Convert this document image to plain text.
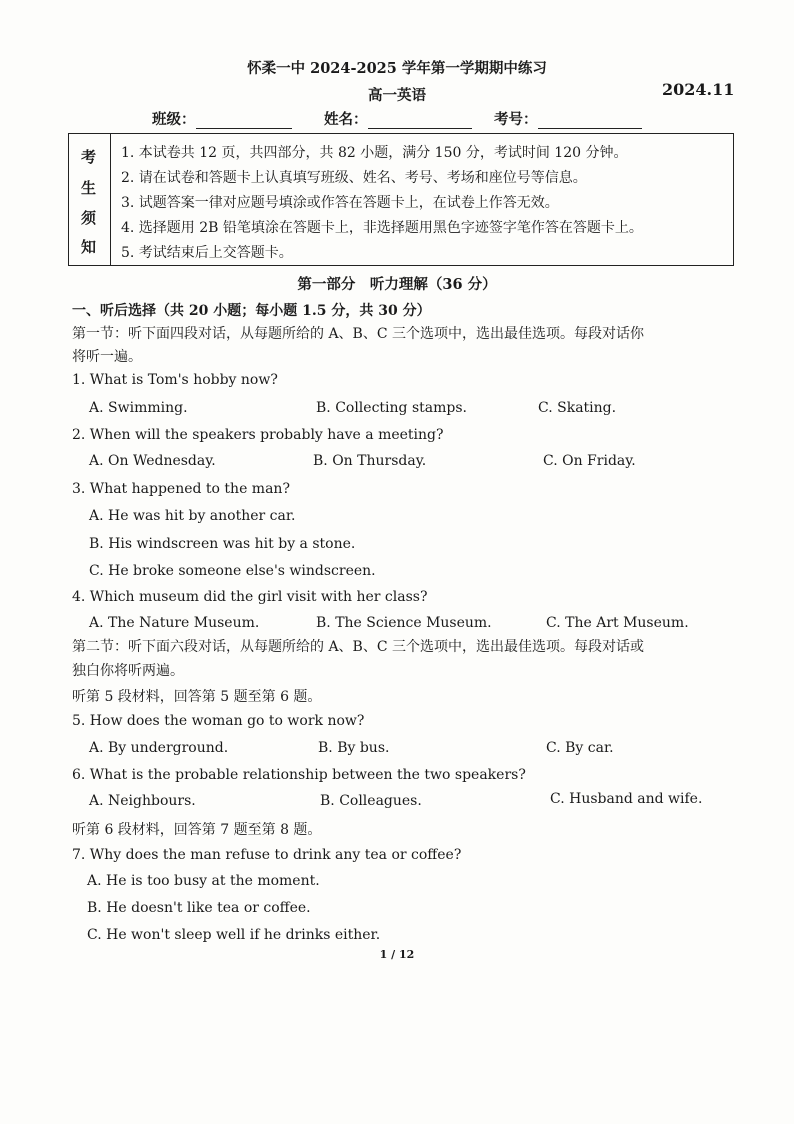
怀柔一中 2024-2025 学年第一学期期中练习
高一英语	2024.11
班级：	姓名：	考号：
考
生
须
知
1. 本试卷共 12 页，共四部分，共 82 小题，满分 150 分，考试时间 120 分钟。
2. 请在试卷和答题卡上认真填写班级、姓名、考号、考场和座位号等信息。
3. 试题答案一律对应题号填涂或作答在答题卡上，在试卷上作答无效。
4. 选择题用 2B 铅笔填涂在答题卡上，非选择题用黑色字迹签字笔作答在答题卡上。
5. 考试结束后上交答题卡。
第一部分　听力理解（36 分）
一、听后选择（共 20 小题；每小题 1.5 分，共 30 分）
第一节：听下面四段对话，从每题所给的 A、B、C 三个选项中，选出最佳选项。每段对话你
将听一遍。
1. What is Tom's hobby now?
A. Swimming.	B. Collecting stamps.	C. Skating.
2. When will the speakers probably have a meeting?
A. On Wednesday.	B. On Thursday.	C. On Friday.
3. What happened to the man?
A. He was hit by another car.
B. His windscreen was hit by a stone.
C. He broke someone else's windscreen.
4. Which museum did the girl visit with her class?
A. The Nature Museum.	B. The Science Museum.	C. The Art Museum.
第二节：听下面六段对话，从每题所给的 A、B、C 三个选项中，选出最佳选项。每段对话或
独白你将听两遍。
听第 5 段材料，回答第 5 题至第 6 题。
5. How does the woman go to work now?
A. By underground.	B. By bus.	C. By car.
6. What is the probable relationship between the two speakers?
A. Neighbours.	B. Colleagues.	C. Husband and wife.
听第 6 段材料，回答第 7 题至第 8 题。
7. Why does the man refuse to drink any tea or coffee?
A. He is too busy at the moment.
B. He doesn't like tea or coffee.
C. He won't sleep well if he drinks either.
1 / 12
